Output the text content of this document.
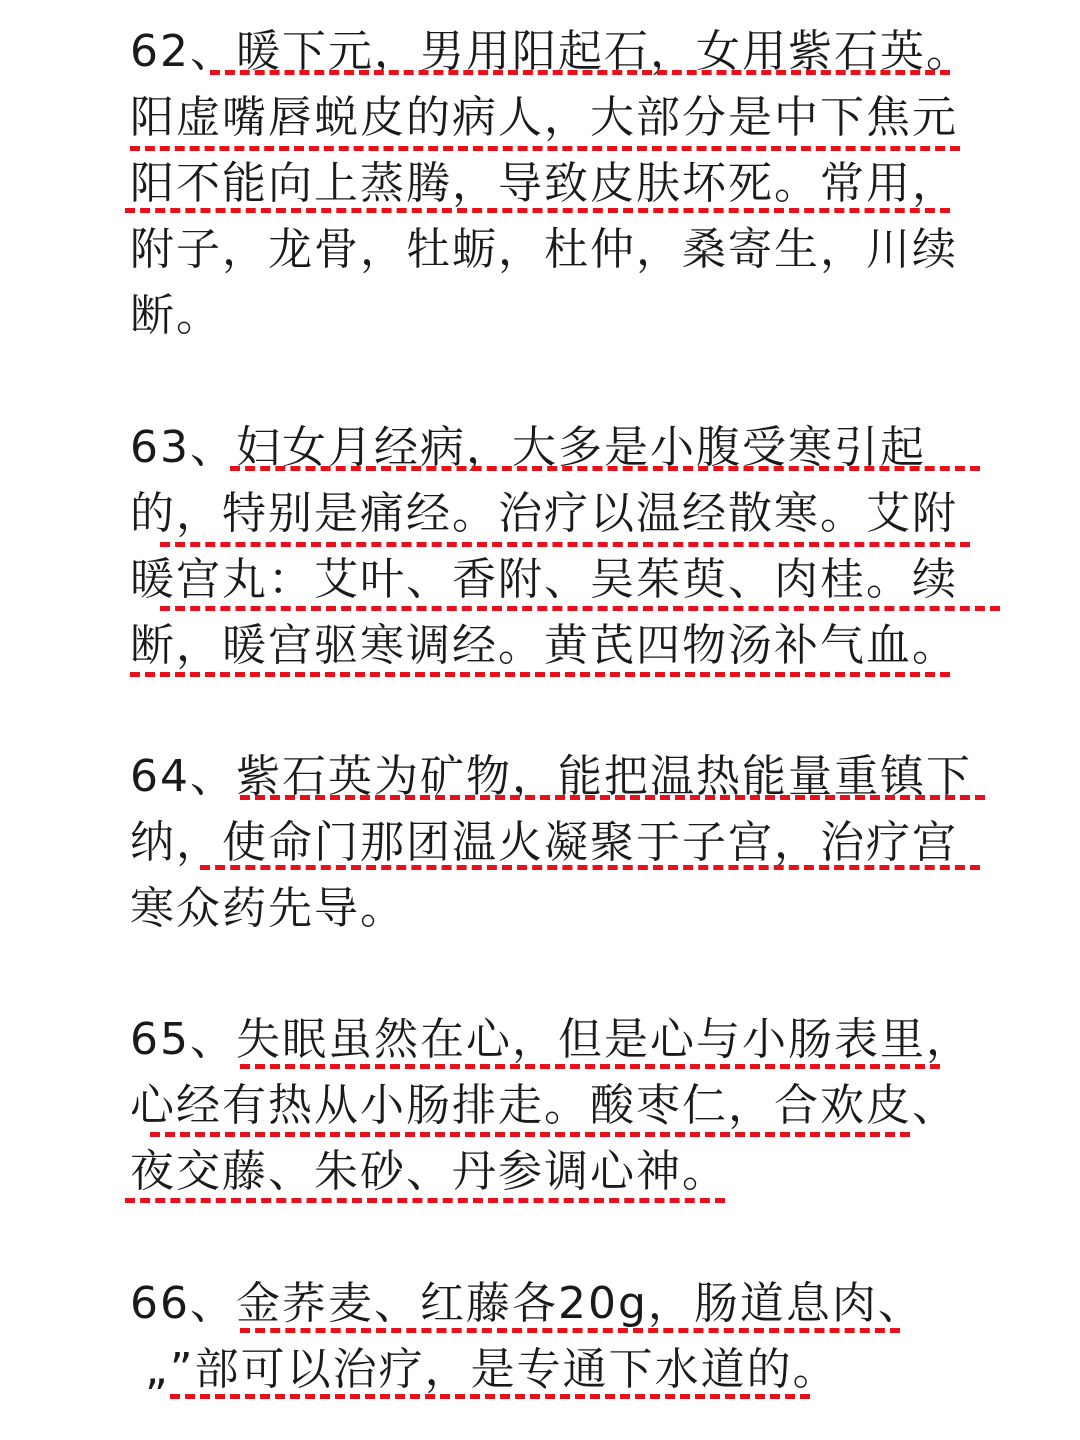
62、暖下元，男用阳起石，女用紫石英。
阳虚嘴唇蜕皮的病人，大部分是中下焦元
阳不能向上蒸腾，导致皮肤坏死。常用，
附子，龙骨，牡蛎，杜仲，桑寄生，川续
断。
63、妇女月经病，大多是小腹受寒引起
的，特别是痛经。治疗以温经散寒。艾附
暖宫丸：艾叶、香附、吴茱萸、肉桂。续
断，暖宫驱寒调经。黄芪四物汤补气血。
64、紫石英为矿物，能把温热能量重镇下
纳，使命门那团温火凝聚于子宫，治疗宫
寒众药先导。
65、失眠虽然在心，但是心与小肠表里，
心经有热从小肠排走。酸枣仁，合欢皮、
夜交藤、朱砂、丹参调心神。
66、金荞麦、红藤各20g，肠道息肉、
„”部可以治疗，是专通下水道的。
